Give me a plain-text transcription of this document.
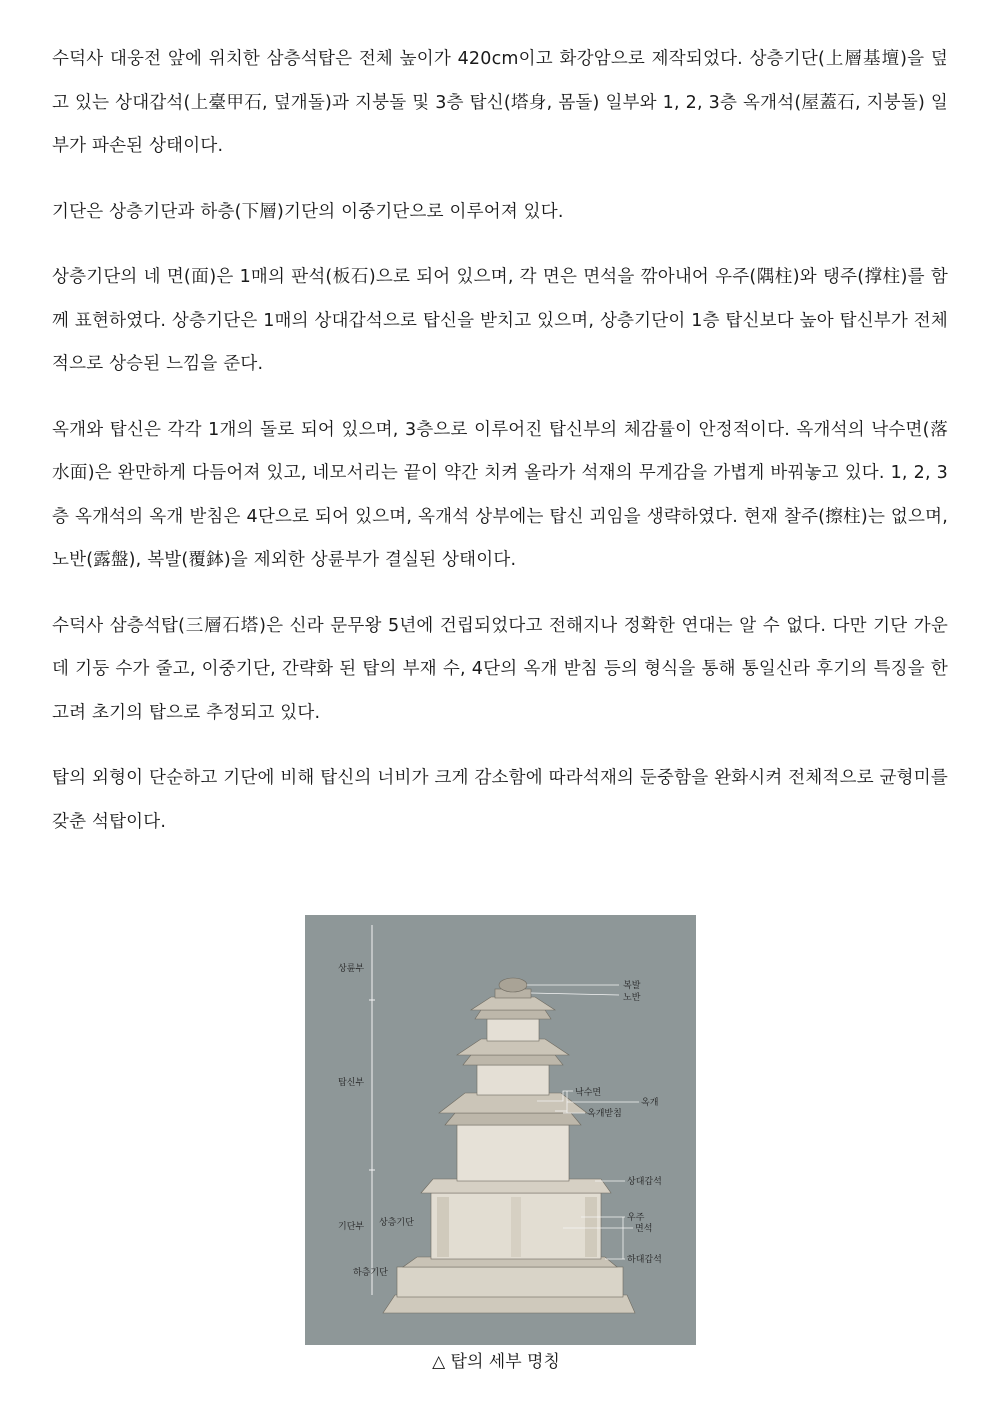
수덕사 대웅전 앞에 위치한 삼층석탑은 전체 높이가 420cm이고 화강암으로 제작되었다. 상층기단(上層基壇)을 덮고 있는 상대갑석(上臺甲石, 덮개돌)과 지붕돌 및 3층 탑신(塔身, 몸돌) 일부와 1, 2, 3층 옥개석(屋蓋石, 지붕돌) 일부가 파손된 상태이다.

기단은 상층기단과 하층(下層)기단의 이중기단으로 이루어져 있다.

상층기단의 네 면(面)은 1매의 판석(板石)으로 되어 있으며, 각 면은 면석을 깎아내어 우주(隅柱)와 탱주(撑柱)를 함께 표현하였다. 상층기단은 1매의 상대갑석으로 탑신을 받치고 있으며, 상층기단이 1층 탑신보다 높아 탑신부가 전체적으로 상승된 느낌을 준다.

옥개와 탑신은 각각 1개의 돌로 되어 있으며, 3층으로 이루어진 탑신부의 체감률이 안정적이다. 옥개석의 낙수면(落水面)은 완만하게 다듬어져 있고, 네모서리는 끝이 약간 치켜 올라가 석재의 무게감을 가볍게 바꿔놓고 있다. 1, 2, 3층 옥개석의 옥개 받침은 4단으로 되어 있으며, 옥개석 상부에는 탑신 괴임을 생략하였다. 현재 찰주(擦柱)는 없으며, 노반(露盤), 복발(覆鉢)을 제외한 상륜부가 결실된 상태이다.

수덕사 삼층석탑(三層石塔)은 신라 문무왕 5년에 건립되었다고 전해지나 정확한 연대는 알 수 없다. 다만 기단 가운데 기둥 수가 줄고, 이중기단, 간략화 된 탑의 부재 수, 4단의 옥개 받침 등의 형식을 통해 통일신라 후기의 특징을 한 고려 초기의 탑으로 추정되고 있다.

탑의 외형이 단순하고 기단에 비해 탑신의 너비가 크게 감소함에 따라석재의 둔중함을 완화시켜 전체적으로 균형미를 갖춘 석탑이다.

상륜부
탑신부
기단부 상층기단
하층기단
복발
노반
낙수면
옥개
옥개받침
상대갑석
우주
면석
하대갑석
△ 탑의 세부 명칭
